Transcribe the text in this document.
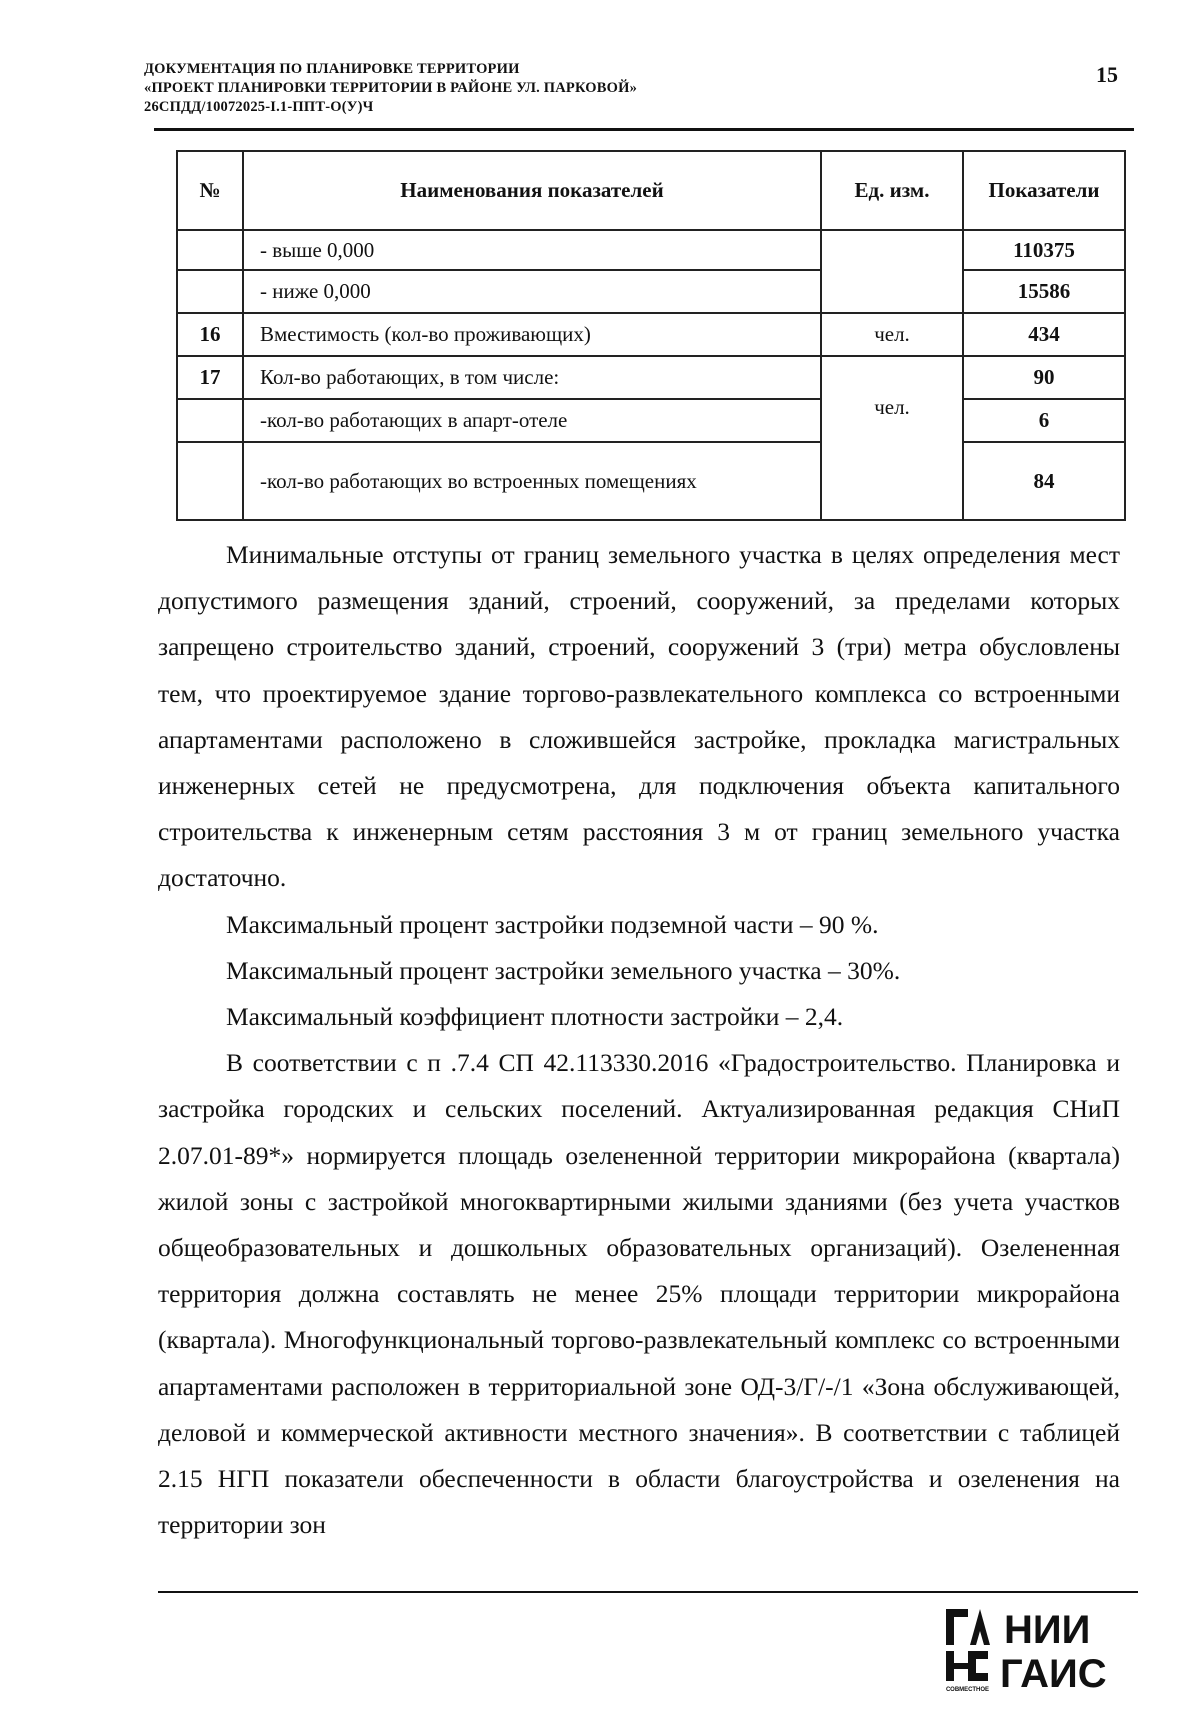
ДОКУМЕНТАЦИЯ ПО ПЛАНИРОВКЕ ТЕРРИТОРИИ
«ПРОЕКТ ПЛАНИРОВКИ ТЕРРИТОРИИ В РАЙОНЕ УЛ. ПАРКОВОЙ»
26СПДД/10072025-I.1-ППТ-О(У)Ч
15
№	Наименования показателей	Ед. изм.	Показатели
	- выше 0,000		110375
	- ниже 0,000		15586
16	Вместимость (кол-во проживающих)	чел.	434
17	Кол-во работающих, в том числе:	чел.	90
	-кол-во работающих в апарт-отеле		6
	-кол-во работающих во встроенных помещениях		84

Минимальные отступы от границ земельного участка в целях определения мест допустимого размещения зданий, строений, сооружений, за пределами которых запрещено строительство зданий, строений, сооружений 3 (три) метра обусловлены тем, что проектируемое здание торгово-развлекательного комплекса со встроенными апартаментами расположено в сложившейся застройке, прокладка магистральных инженерных сетей не предусмотрена, для подключения объекта капитального строительства к инженерным сетям расстояния 3 м от границ земельного участка достаточно.

Максимальный процент застройки подземной части – 90 %.

Максимальный процент застройки земельного участка – 30%.

Максимальный коэффициент плотности застройки – 2,4.

В соответствии с п .7.4 СП 42.113330.2016 «Градостроительство. Планировка и застройка городских и сельских поселений. Актуализированная редакция СНиП 2.07.01-89*» нормируется площадь озелененной территории микрорайона (квартала) жилой зоны с застройкой многоквартирными жилыми зданиями (без учета участков общеобразовательных и дошкольных образовательных организаций). Озелененная территория должна составлять не менее 25% площади территории микрорайона (квартала). Многофункциональный торгово-развлекательный комплекс со встроенными апартаментами расположен в территориальной зоне ОД-3/Г/-/1 «Зона обслуживающей, деловой и коммерческой активности местного значения». В соответствии с таблицей 2.15 НГП показатели обеспеченности в области благоустройства и озеленения на территории зон

СОВМЕСТНОЕ
НИИ
ГАИС
